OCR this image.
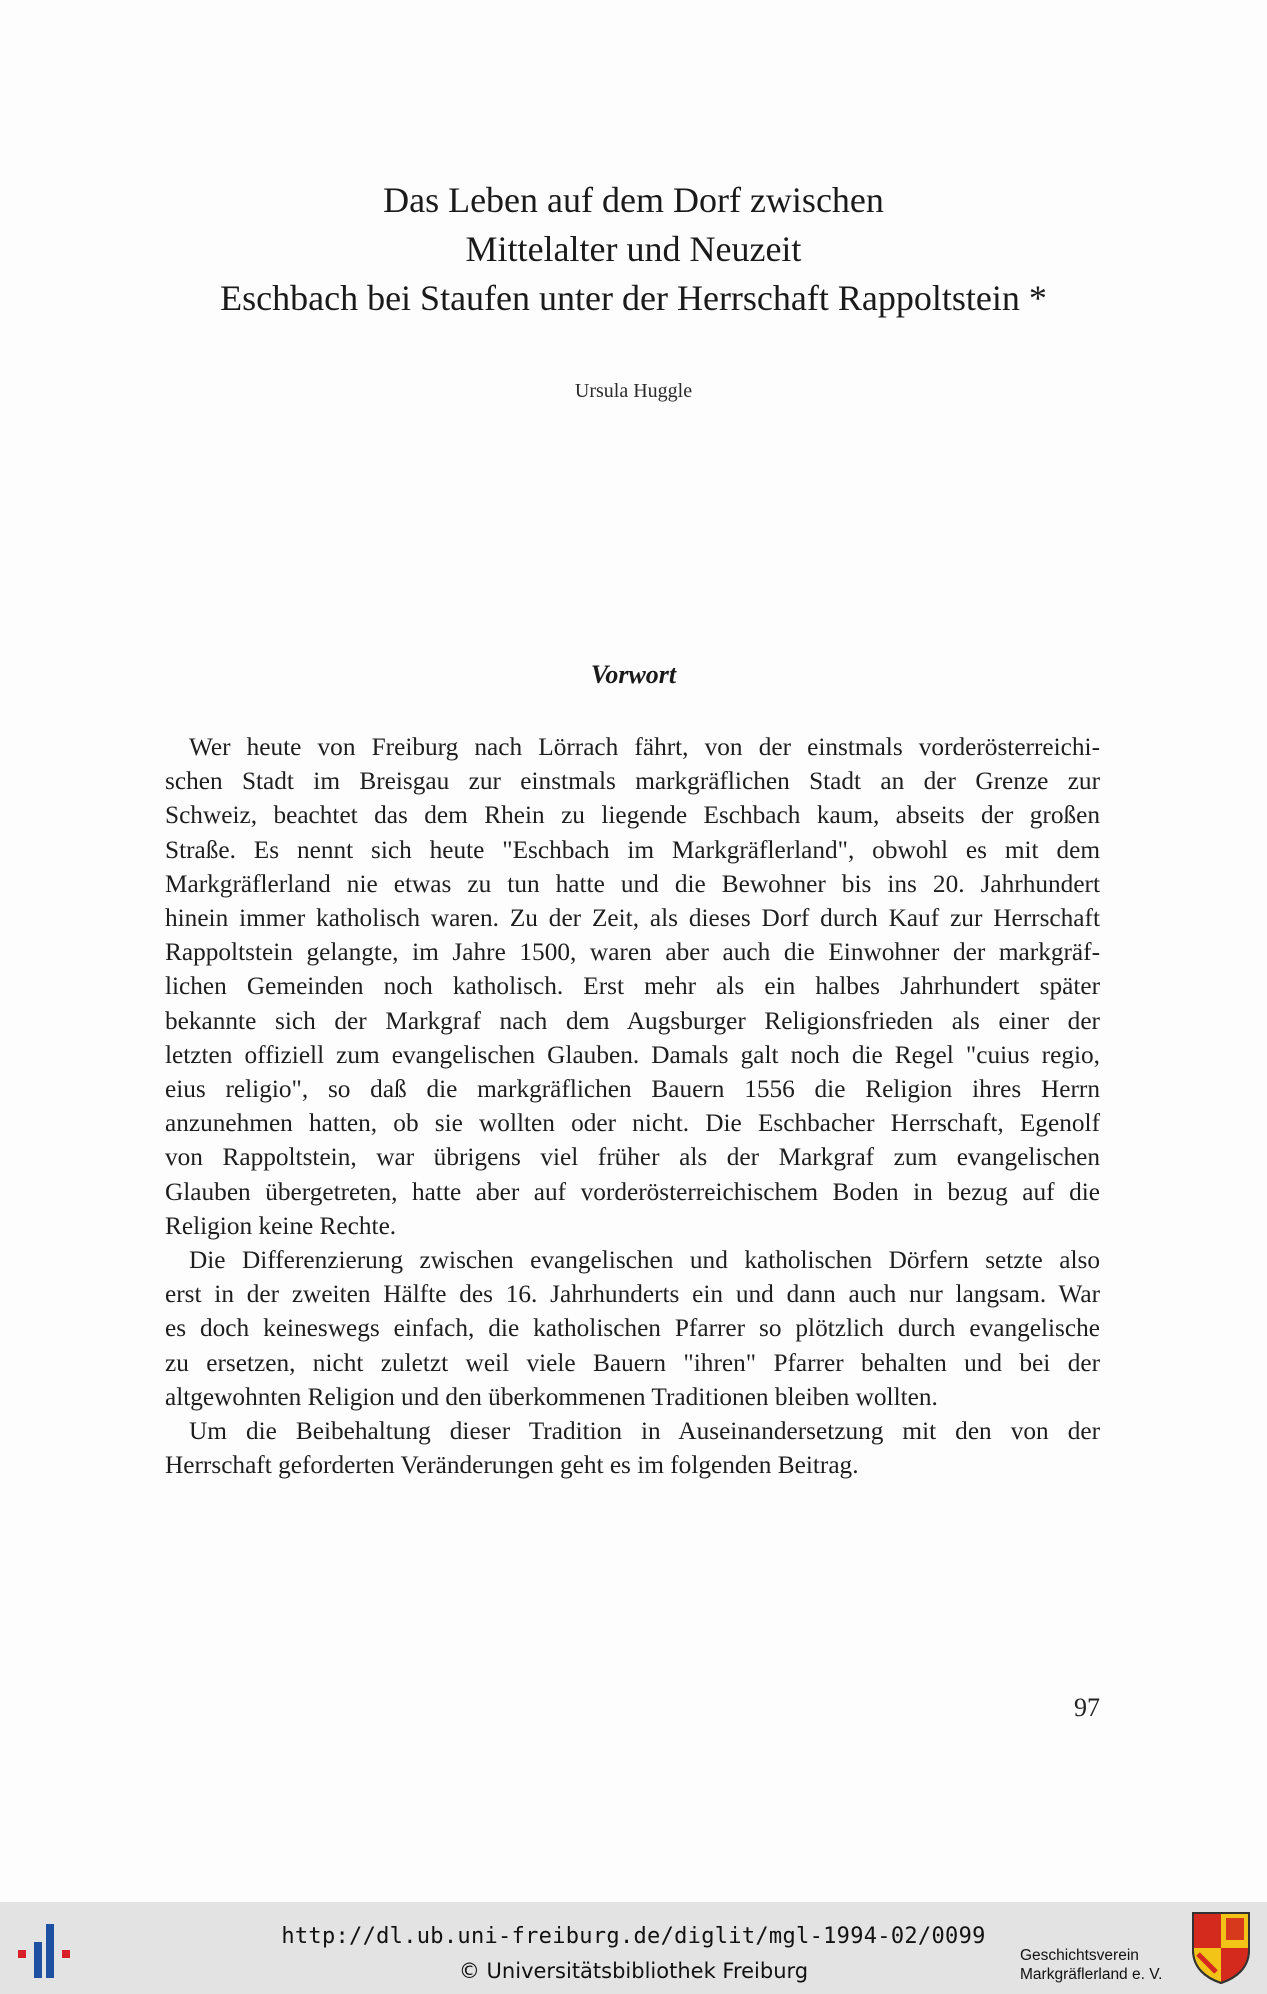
Das Leben auf dem Dorf zwischen
Mittelalter und Neuzeit
Eschbach bei Staufen unter der Herrschaft Rappoltstein *
Ursula Huggle
Vorwort

Wer heute von Freiburg nach Lörrach fährt, von der einstmals vorderösterreichi-
schen Stadt im Breisgau zur einstmals markgräflichen Stadt an der Grenze zur
Schweiz, beachtet das dem Rhein zu liegende Eschbach kaum, abseits der großen
Straße. Es nennt sich heute "Eschbach im Markgräflerland", obwohl es mit dem
Markgräflerland nie etwas zu tun hatte und die Bewohner bis ins 20. Jahrhundert
hinein immer katholisch waren. Zu der Zeit, als dieses Dorf durch Kauf zur Herrschaft
Rappoltstein gelangte, im Jahre 1500, waren aber auch die Einwohner der markgräf-
lichen Gemeinden noch katholisch. Erst mehr als ein halbes Jahrhundert später
bekannte sich der Markgraf nach dem Augsburger Religionsfrieden als einer der
letzten offiziell zum evangelischen Glauben. Damals galt noch die Regel "cuius regio,
eius religio", so daß die markgräflichen Bauern 1556 die Religion ihres Herrn
anzunehmen hatten, ob sie wollten oder nicht. Die Eschbacher Herrschaft, Egenolf
von Rappoltstein, war übrigens viel früher als der Markgraf zum evangelischen
Glauben übergetreten, hatte aber auf vorderösterreichischem Boden in bezug auf die
Religion keine Rechte.

Die Differenzierung zwischen evangelischen und katholischen Dörfern setzte also
erst in der zweiten Hälfte des 16. Jahrhunderts ein und dann auch nur langsam. War
es doch keineswegs einfach, die katholischen Pfarrer so plötzlich durch evangelische
zu ersetzen, nicht zuletzt weil viele Bauern "ihren" Pfarrer behalten und bei der
altgewohnten Religion und den überkommenen Traditionen bleiben wollten.

Um die Beibehaltung dieser Tradition in Auseinandersetzung mit den von der
Herrschaft geforderten Veränderungen geht es im folgenden Beitrag.

97
http://dl.ub.uni-freiburg.de/diglit/mgl-1994-02/0099
© Universitätsbibliothek Freiburg
Geschichtsverein
Markgräflerland e. V.
